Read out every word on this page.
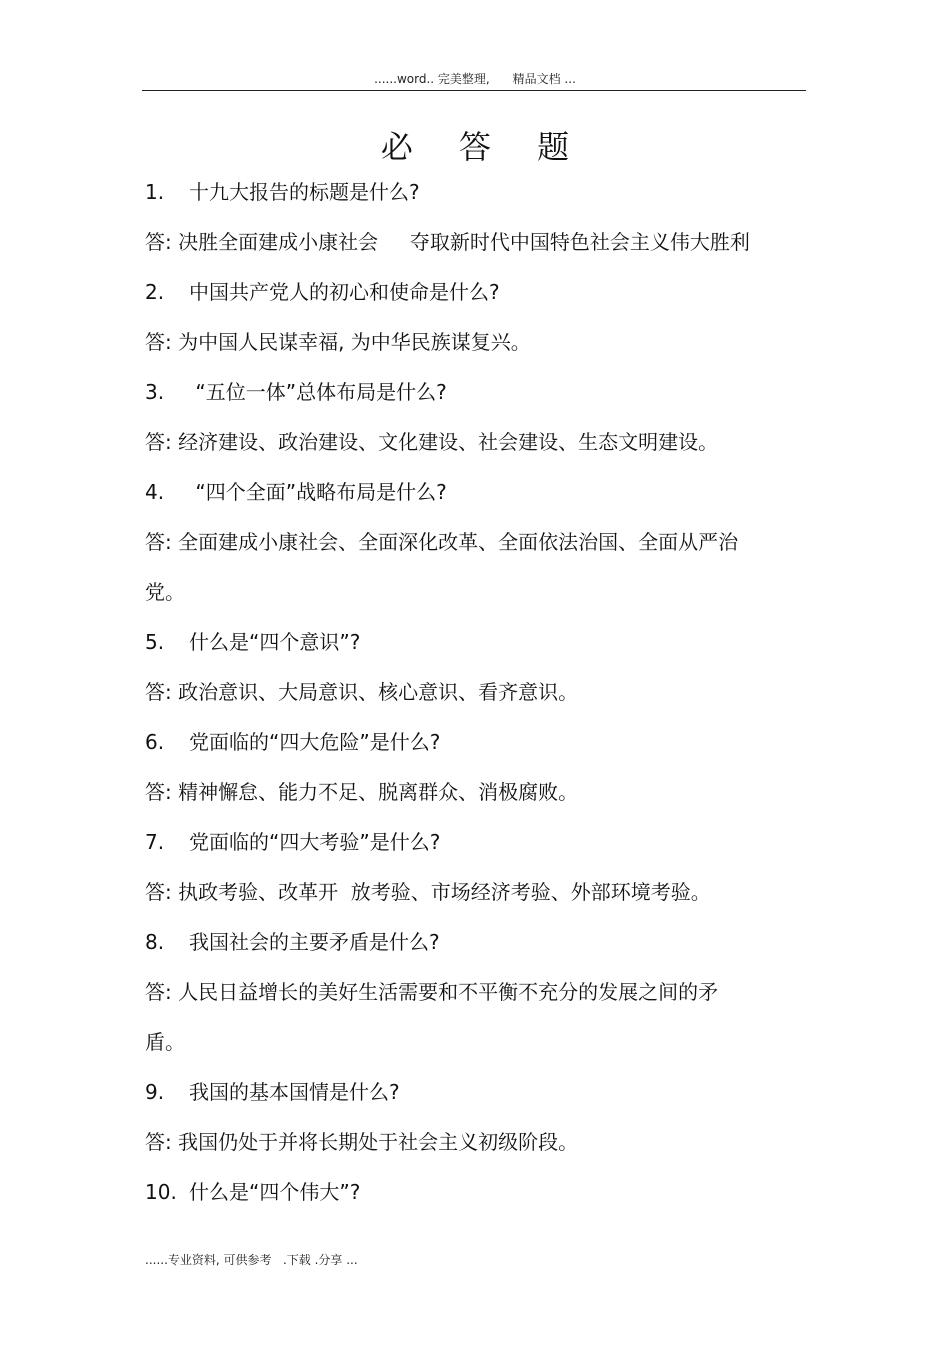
......word.. 完美整理,      精品文档 ...
必 答 题
1. 十九大报告的标题是什么?
答: 决胜全面建成小康社会     夺取新时代中国特色社会主义伟大胜利
2. 中国共产党人的初心和使命是什么?
答: 为中国人民谋幸福, 为中华民族谋复兴。
3. “五位一体”总体布局是什么?
答: 经济建设、政治建设、文化建设、社会建设、生态文明建设。
4. “四个全面”战略布局是什么?
答: 全面建成小康社会、全面深化改革、全面依法治国、全面从严治
党。
5. 什么是“四个意识”?
答: 政治意识、大局意识、核心意识、看齐意识。
6. 党面临的“四大危险”是什么?
答: 精神懈怠、能力不足、脱离群众、消极腐败。
7. 党面临的“四大考验”是什么?
答: 执政考验、改革开  放考验、市场经济考验、外部环境考验。
8. 我国社会的主要矛盾是什么?
答: 人民日益增长的美好生活需要和不平衡不充分的发展之间的矛
盾。
9. 我国的基本国情是什么?
答: 我国仍处于并将长期处于社会主义初级阶段。
10. 什么是“四个伟大”?
......专业资料, 可供参考   .下载 .分享 ...
